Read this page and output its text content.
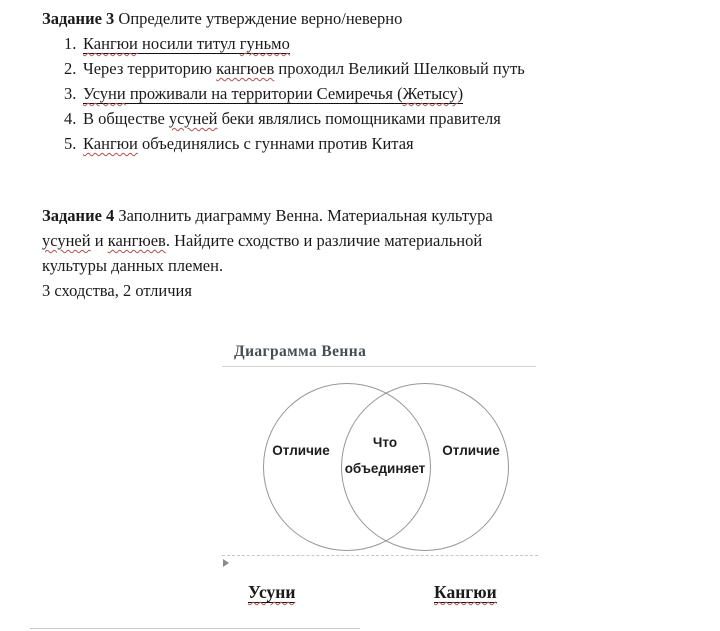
Задание 3 Определите утверждение верно/неверно
1. Кангюи носили титул гуньмо
2. Через территорию кангюев проходил Великий Шелковый путь
3. Усуни проживали на территории Семиречья (Жетысу)
4. В обществе усуней беки являлись помощниками правителя
5. Кангюи объединялись с гуннами против Китая
Задание 4 Заполнить диаграмму Венна. Материальная культура
усуней и кангюев. Найдите сходство и различие материальной
культуры данных племен.
3 сходства, 2 отличия
Диаграмма Венна
Отличие
Что
объединяет
Отличие
Усуни	Кангюи
